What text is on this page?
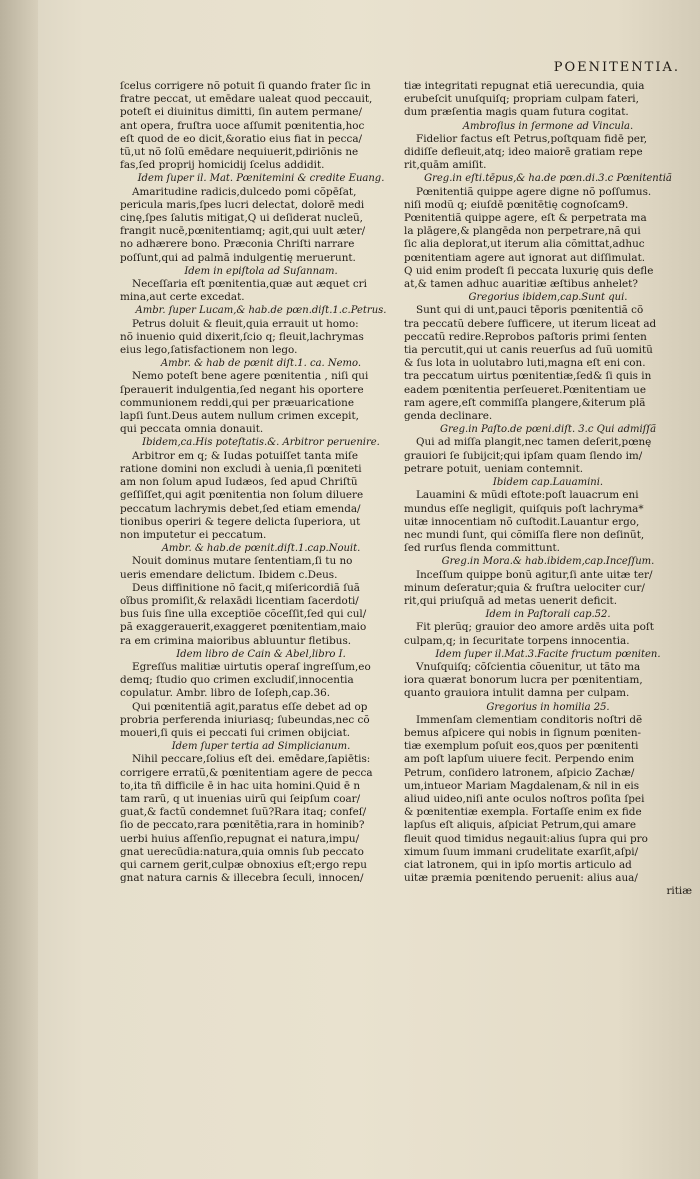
POENITENTIA.
ſcelus corrigere nõ potuit ſi quando frater ſic in
fratre peccat, ut emēdare ualeat quod peccauit,
poteſt ei diuinitus dimitti, ſin autem permane/
ant opera, fruſtra uoce aſſumit pœnitentia,hoc
eſt quod de eo dicit,&oratio eius fiat in pecca/
tũ,ut nõ ſolũ emēdare nequiuerit,pdiriõnis ne
fas,ſed proprij homicidij ſcelus addidit.
Idem ſuper il. Mat. Pœnitemini & credite Euang.
Amaritudine radicis,dulcedo pomi cõpēſat,
pericula maris,ſpes lucri delectat, dolorē medi
cinę,ſpes ſalutis mitigat,Q ui deſiderat nucleũ,
frangit nucē,pœnitentiamq; agit,qui uult æter/
no adhærere bono. Præconia Chriſti narrare
poſſunt,qui ad palmã indulgentię meruerunt.
Idem in epiſtola ad Suſannam.
Neceſſaria eſt pœnitentia,quæ aut æquet cri
mina,aut certe excedat.
Ambr. ſuper Lucam,& hab.de pœn.diſt.1.c.Petrus.
Petrus doluit & fleuit,quia errauit ut homo:
nõ inuenio quid dixerit,ſcio q; fleuit,lachrymas
eius lego,ſatisfactionem non lego.
Ambr. & hab de pœnit diſt.1. ca. Nemo.
Nemo poteſt bene agere pœnitentia , niſi qui
ſperauerit indulgentia,ſed negant his oportere
communionem reddi,qui per præuaricatione
lapſi ſunt.Deus autem nullum crimen excepit,
qui peccata omnia donauit.
Ibidem,ca.His poteſtatis.&. Arbitror peruenire.
Arbitror em q; & Iudas potuiſſet tanta miſe
ratione domini non excludi à uenia,ſi pœniteti
am non ſolum apud Iudæos, ſed apud Chriſtũ
geſſiſſet,qui agit pœnitentia non ſolum diluere
peccatum lachrymis debet,ſed etiam emenda/
tionibus operiri & tegere delicta ſuperiora, ut
non imputetur ei peccatum.
Ambr. & hab.de pœnit.diſt.1.cap.Nouit.
Nouit dominus mutare ſententiam,ſi tu no
ueris emendare delictum. Ibidem c.Deus.
Deus diffinitione nõ facit,q miſericordiã ſuã
oĩbus promiſit,& relaxādi licentiam ſacerdoti/
bus ſuis ſine ulla exceptiõe cõceſſit,ſed qui cul/
pã exaggerauerit,exaggeret pœnitentiam,maio
ra em crimina maioribus abluuntur fletibus.
Idem libro de Cain & Abel,libro I.
Egreſſus malitiæ uirtutis operaſ ingreſſum,eo
demq; ſtudio quo crimen excludiſ,innocentia
copulatur. Ambr. libro de Ioſeph,cap.36.
Qui pœnitentiã agit,paratus eſſe debet ad op
probria perferenda iniuriasq; ſubeundas,nec cõ
moueri,ſi quis ei peccati ſui crimen obijciat.
Idem ſuper tertia ad Simplicianum.
Nihil peccare,ſolius eſt dei. emēdare,ſapiētis:
corrigere erratũ,& pœnitentiam agere de pecca
to,ita tñ difficile ē in hac uita homini.Quid ē n
tam rarũ, q ut inuenias uirũ qui ſeipſum coar/
guat,& factũ condemnet ſuũ?Rara itaq; confeſ/
ſio de peccato,rara pœnitētia,rara in hominib?
uerbi huius aſſenſio,repugnat ei natura,impu/
gnat uerecũdia:natura,quia omnis ſub peccato
qui carnem gerit,culpæ obnoxius eſt;ergo repu
gnat natura carnis & illecebra ſeculi, innocen/
tiæ integritati repugnat etiã uerecundia, quia
erubeſcit unuſquiſq; propriam culpam fateri,
dum præſentia magis quam futura cogitat.
Ambroſius in ſermone ad Vincula.
Fidelior factus eſt Petrus,poſtquam fidē per,
didiſſe defleuit,atq; ideo maiorē gratiam repe
rit,quām amiſit.
Greg.in eſti.tēpus,& ha.de pœn.di.3.c Pœnitentiã
Pœnitentiã quippe agere digne nõ poſſumus.
niſi modũ q; eiuſdē pœnitētię cognoſcam9.
Pœnitentiã quippe agere, eſt & perpetrata ma
la plāgere,& plangēda non perpetrare,nã qui
ſic alia deplorat,ut iterum alia cõmittat,adhuc
pœnitentiam agere aut ignorat aut diſſimulat.
Q uid enim prodeſt ſi peccata luxurię quis defle
at,& tamen adhuc auaritiæ æſtibus anhelet?
Gregorius ibidem,cap.Sunt qui.
Sunt qui di unt,pauci tēporis pœnitentiã cõ
tra peccatũ debere ſufficere, ut iterum liceat ad
peccatũ redire.Reprobos paſtoris primi ſenten
tia percutit,qui ut canis reuerſus ad ſuũ uomitũ
& ſus lota in uolutabro luti,magna eſt eni con.
tra peccatum uirtus pœnitentiæ,ſed& ſi quis in
eadem pœnitentia perſeueret.Pœnitentiam ue
ram agere,eſt commiſſa plangere,&iterum plã
genda declinare.
Greg.in Paſto.de pœni.diſt. 3.c Qui admiſſã
Qui ad miſſa plangit,nec tamen deſerit,pœnę
grauiori ſe ſubijcit;qui ipſam quam ſlendo im/
petrare potuit, ueniam contemnit.
Ibidem cap.Lauamini.
Lauamini & mũdi eſtote:poſt lauacrum eni
mundus eſſe negligit, quiſquis poſt lachryma*
uitæ innocentiam nõ cuſtodit.Lauantur ergo,
nec mundi ſunt, qui cõmiſſa flere non deſinũt,
ſed rurſus flenda committunt.
Greg.in Mora.& hab.ibidem,cap.Inceſſum.
Inceſſum quippe bonũ agitur,ſi ante uitæ ter/
minum deſeratur;quia & fruſtra uelociter cur/
rit,qui priuſquā ad metas uenerit deficit.
Idem in Paſtorali cap.52.
Fit plerũq; grauior deo amore ardēs uita poſt
culpam,q; in ſecuritate torpens innocentia.
Idem ſuper il.Mat.3.Facite fructum pœniten.
Vnuſquiſq; cõſcientia cõuenitur, ut tãto ma
iora quærat bonorum lucra per pœnitentiam,
quanto grauiora intulit damna per culpam.
Gregorius in homilia 25.
Immenſam clementiam conditoris noſtri dẽ
bemus aſpicere qui nobis in ſignum pœniten-
tiæ exemplum poſuit eos,quos per pœnitenti
am poſt lapſum uiuere fecit. Perpendo enim
Petrum, conſidero latronem, aſpicio Zachæ/
um,intueor Mariam Magdalenam,& nil in eis
aliud uideo,niſi ante oculos noſtros poſita ſpei
& pœnitentiæ exempla. Fortaſſe enim ex fide
lapſus eſt aliquis, aſpiciat Petrum,qui amare
fleuit quod timidus negauit:alius ſupra qui pro
ximum ſuum immani crudelitate exarſit,aſpi/
ciat latronem, qui in ipſo mortis articulo ad
uitæ præmia pœnitendo peruenit: alius aua/
ritiæ
